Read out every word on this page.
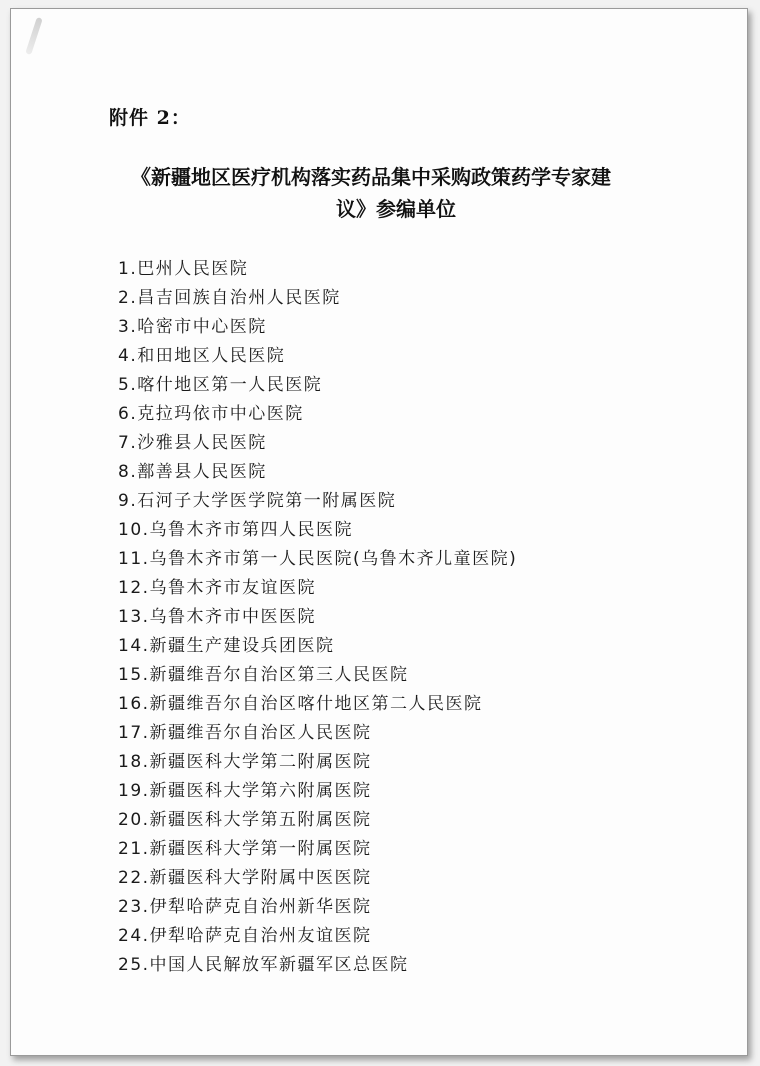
附件 2：
《新疆地区医疗机构落实药品集中采购政策药学专家建
议》参编单位
1.巴州人民医院
2.昌吉回族自治州人民医院
3.哈密市中心医院
4.和田地区人民医院
5.喀什地区第一人民医院
6.克拉玛依市中心医院
7.沙雅县人民医院
8.鄯善县人民医院
9.石河子大学医学院第一附属医院
10.乌鲁木齐市第四人民医院
11.乌鲁木齐市第一人民医院(乌鲁木齐儿童医院)
12.乌鲁木齐市友谊医院
13.乌鲁木齐市中医医院
14.新疆生产建设兵团医院
15.新疆维吾尔自治区第三人民医院
16.新疆维吾尔自治区喀什地区第二人民医院
17.新疆维吾尔自治区人民医院
18.新疆医科大学第二附属医院
19.新疆医科大学第六附属医院
20.新疆医科大学第五附属医院
21.新疆医科大学第一附属医院
22.新疆医科大学附属中医医院
23.伊犁哈萨克自治州新华医院
24.伊犁哈萨克自治州友谊医院
25.中国人民解放军新疆军区总医院
